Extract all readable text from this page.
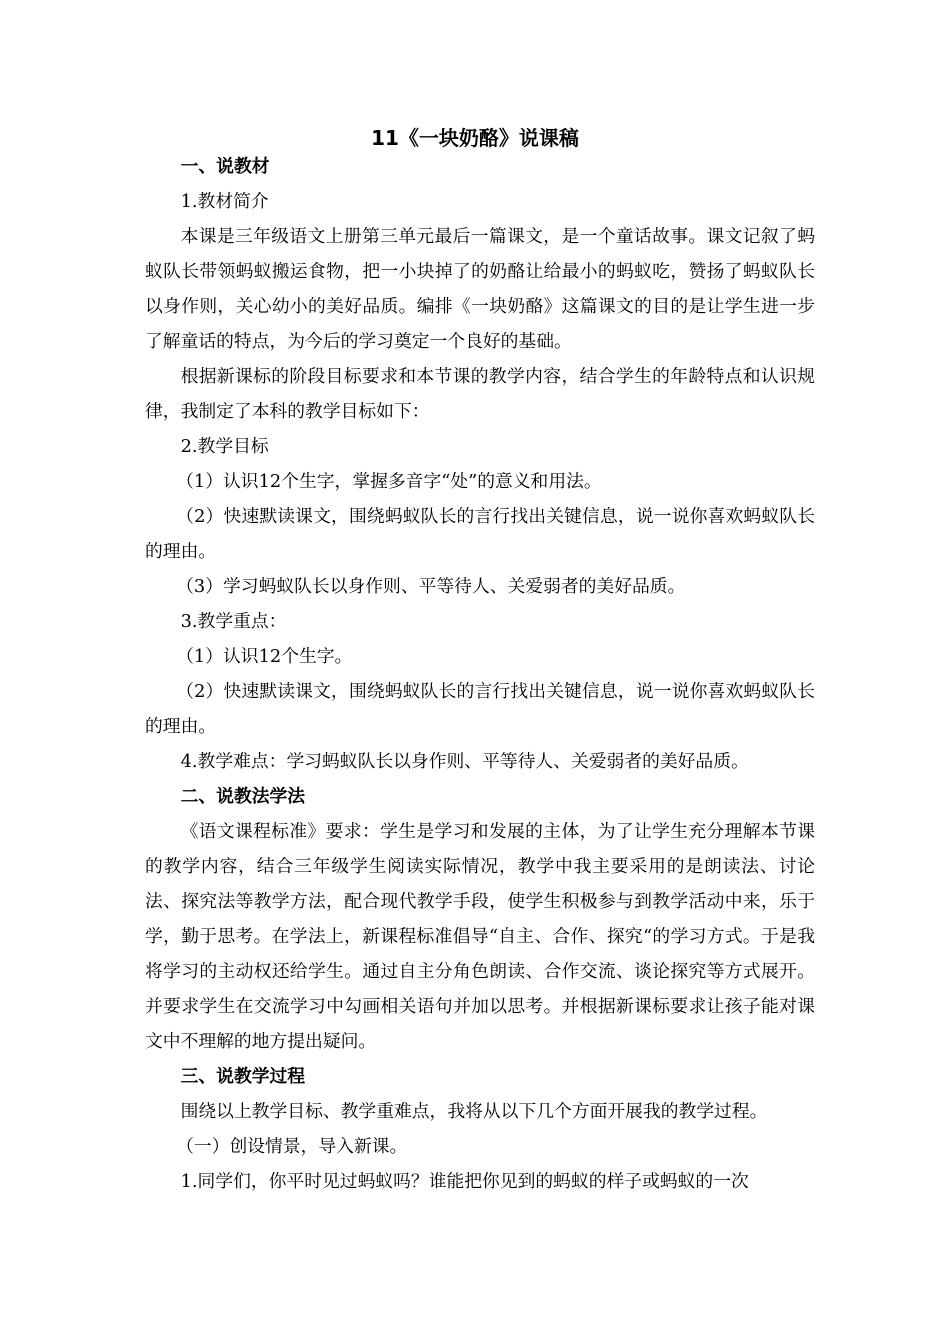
11《一块奶酪》说课稿

一、说教材

1.教材简介

本课是三年级语文上册第三单元最后一篇课文，是一个童话故事。课文记叙了蚂蚁队长带领蚂蚁搬运食物，把一小块掉了的奶酪让给最小的蚂蚁吃，赞扬了蚂蚁队长以身作则，关心幼小的美好品质。编排《一块奶酪》这篇课文的目的是让学生进一步了解童话的特点，为今后的学习奠定一个良好的基础。

根据新课标的阶段目标要求和本节课的教学内容，结合学生的年龄特点和认识规律，我制定了本科的教学目标如下：

2.教学目标

（1）认识12个生字，掌握多音字“处”的意义和用法。

（2）快速默读课文，围绕蚂蚁队长的言行找出关键信息，说一说你喜欢蚂蚁队长的理由。

（3）学习蚂蚁队长以身作则、平等待人、关爱弱者的美好品质。

3.教学重点：

（1）认识12个生字。

（2）快速默读课文，围绕蚂蚁队长的言行找出关键信息，说一说你喜欢蚂蚁队长的理由。

4.教学难点：学习蚂蚁队长以身作则、平等待人、关爱弱者的美好品质。

二、说教法学法

《语文课程标准》要求：学生是学习和发展的主体，为了让学生充分理解本节课的教学内容，结合三年级学生阅读实际情况，教学中我主要采用的是朗读法、讨论法、探究法等教学方法，配合现代教学手段，使学生积极参与到教学活动中来，乐于学，勤于思考。在学法上，新课程标准倡导“自主、合作、探究“的学习方式。于是我将学习的主动权还给学生。通过自主分角色朗读、合作交流、谈论探究等方式展开。并要求学生在交流学习中勾画相关语句并加以思考。并根据新课标要求让孩子能对课文中不理解的地方提出疑问。

三、说教学过程

围绕以上教学目标、教学重难点，我将从以下几个方面开展我的教学过程。

（一）创设情景，导入新课。

1.同学们，你平时见过蚂蚁吗？谁能把你见到的蚂蚁的样子或蚂蚁的一次
